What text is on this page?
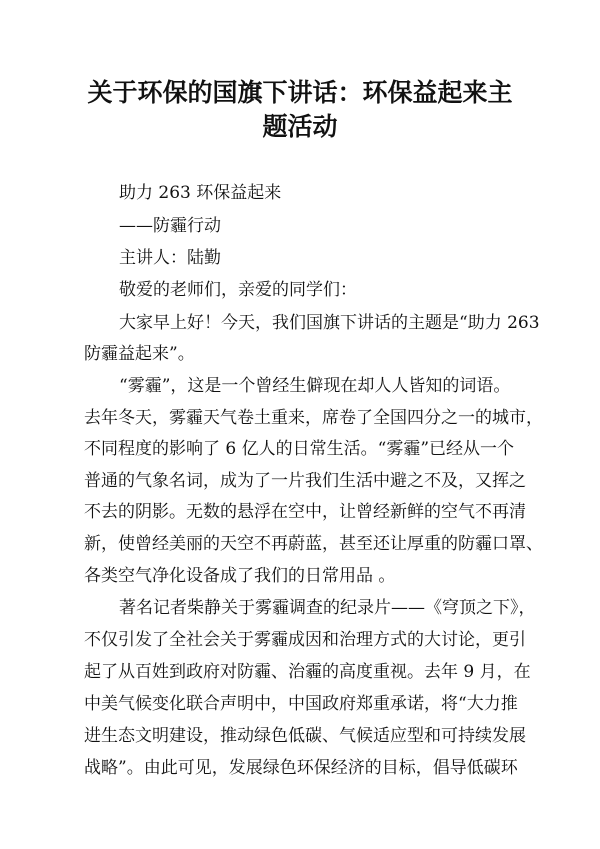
关于环保的国旗下讲话：环保益起来主
题活动

助力 263 环保益起来

——防霾行动

主讲人：陆勤

敬爱的老师们，亲爱的同学们：

大家早上好！今天，我们国旗下讲话的主题是“助力 263

防霾益起来”。

“雾霾”，这是一个曾经生僻现在却人人皆知的词语。

去年冬天，雾霾天气卷土重来，席卷了全国四分之一的城市，

不同程度的影响了 6 亿人的日常生活。“雾霾”已经从一个

普通的气象名词，成为了一片我们生活中避之不及，又挥之

不去的阴影。无数的悬浮在空中，让曾经新鲜的空气不再清

新，使曾经美丽的天空不再蔚蓝，甚至还让厚重的防霾口罩、

各类空气净化设备成了我们的日常用品 。

著名记者柴静关于雾霾调查的纪录片——《穹顶之下》，

不仅引发了全社会关于雾霾成因和治理方式的大讨论，更引

起了从百姓到政府对防霾、治霾的高度重视。去年 9 月，在

中美气候变化联合声明中，中国政府郑重承诺，将“大力推

进生态文明建设，推动绿色低碳、气候适应型和可持续发展

战略”。由此可见，发展绿色环保经济的目标，倡导低碳环
